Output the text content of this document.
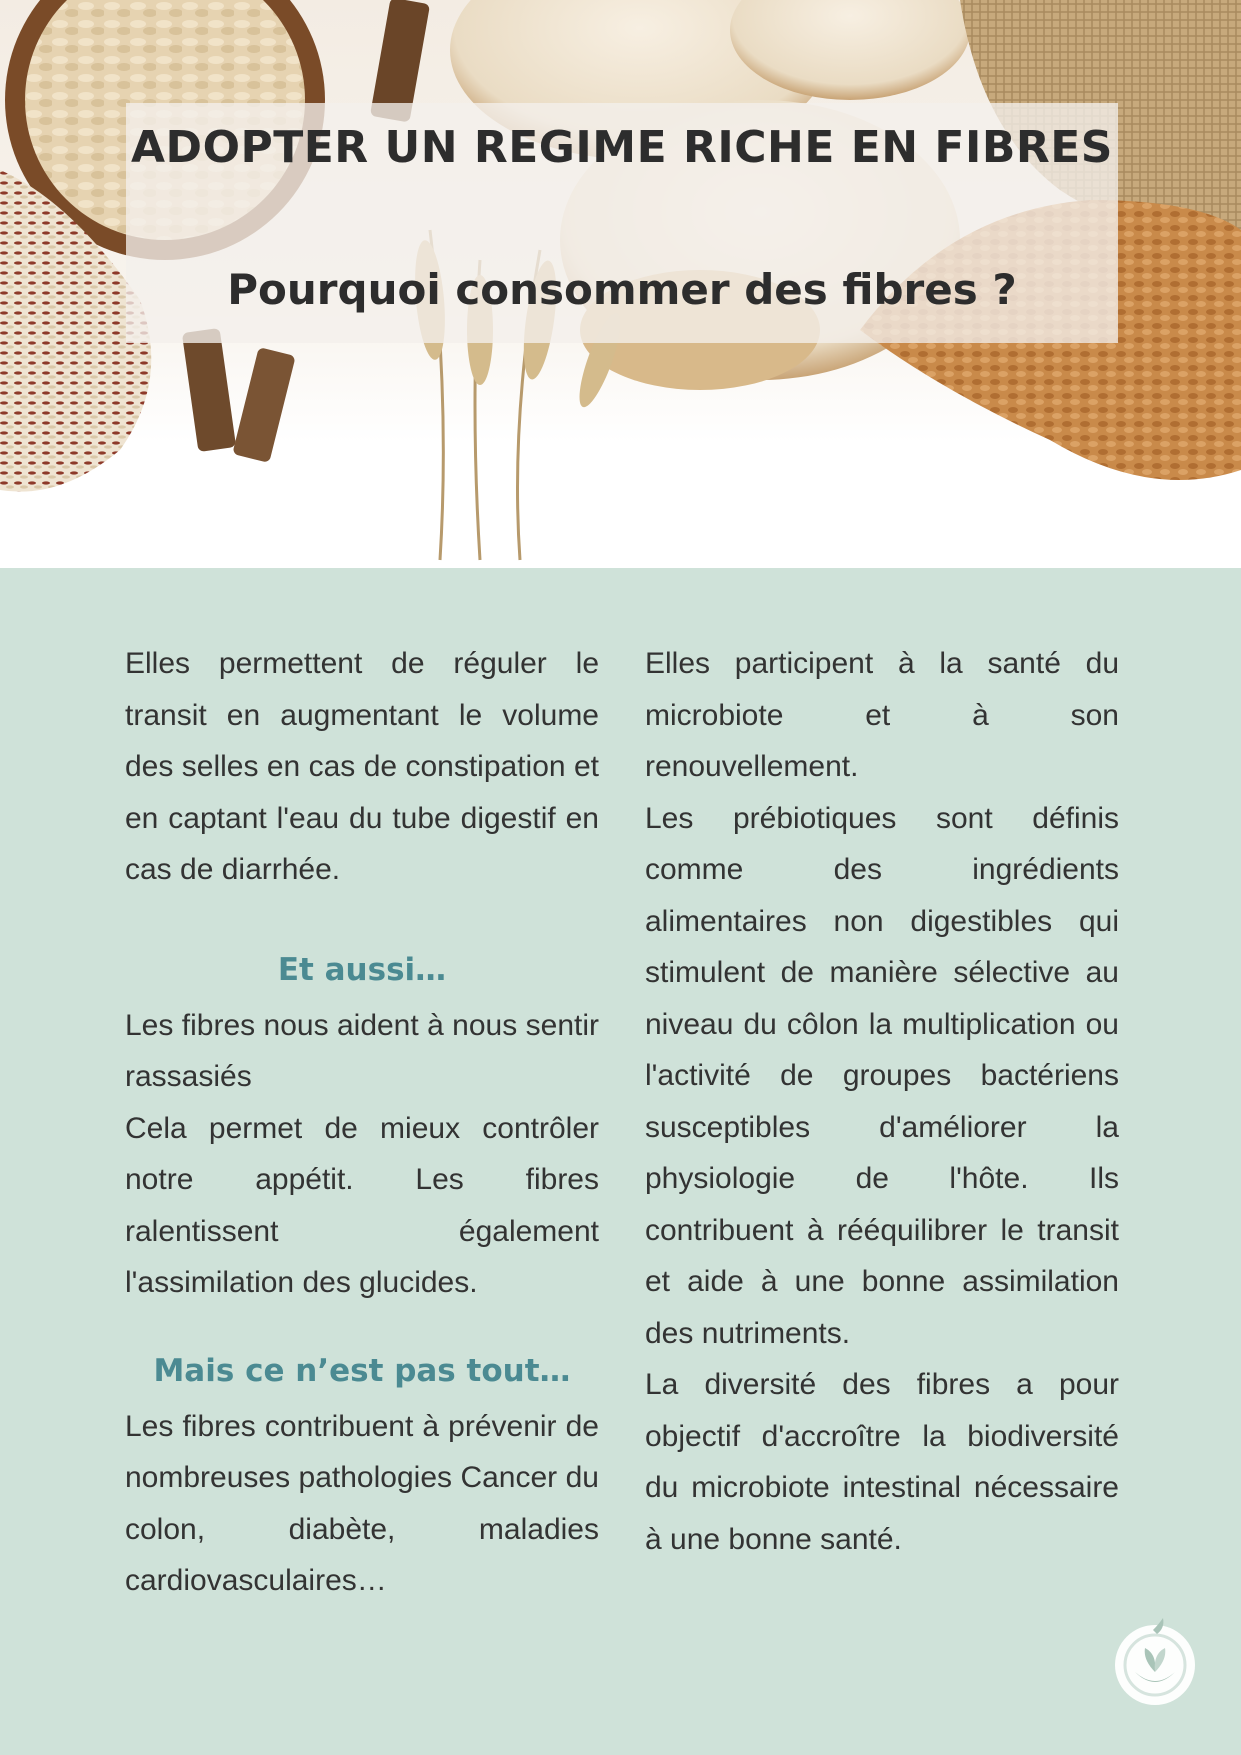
ADOPTER UN REGIME RICHE EN FIBRES
Pourquoi consommer des fibres ?

Elles permettent de réguler le transit en augmentant le volume des selles en cas de constipation et en captant l'eau du tube digestif en cas de diarrhée.

Et aussi…

Les fibres nous aident à nous sentir rassasiés

Cela permet de mieux contrôler notre appétit. Les fibres ralentissent également l'assimilation des glucides.

Mais ce n’est pas tout…

Les fibres contribuent à prévenir de nombreuses pathologies Cancer du colon, diabète, maladies cardiovasculaires…

Elles participent à la santé du microbiote et à son renouvellement.

Les prébiotiques sont définis comme des ingrédients alimentaires non digestibles qui stimulent de manière sélective au niveau du côlon la multiplication ou l'activité de groupes bactériens susceptibles d'améliorer la physiologie de l'hôte. Ils contribuent à rééquilibrer le transit et aide à une bonne assimilation des nutriments.

La diversité des fibres a pour objectif d'accroître la biodiversité du microbiote intestinal nécessaire à une bonne santé.
